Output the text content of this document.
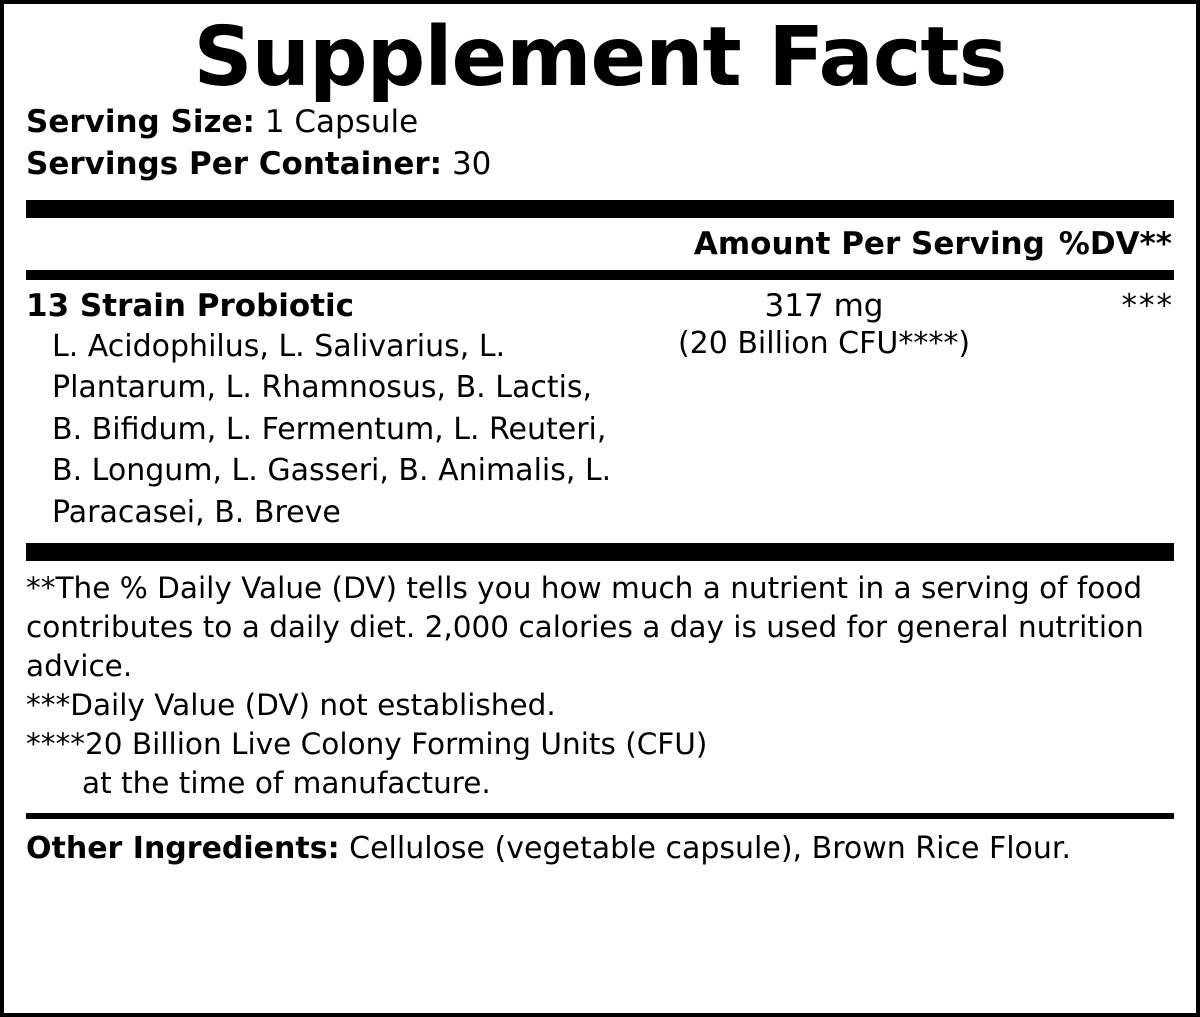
Supplement Facts
Serving Size: 1 Capsule
Servings Per Container: 30
Amount Per Serving %DV**
13 Strain Probiotic	317 mg	***
L. Acidophilus, L. Salivarius, L. Plantarum, L. Rhamnosus, B. Lactis, B. Bifidum, L. Fermentum, L. Reuteri, B. Longum, L. Gasseri, B. Animalis, L. Paracasei, B. Breve
(20 Billion CFU****)

**The % Daily Value (DV) tells you how much a nutrient in a serving of food contributes to a daily diet. 2,000 calories a day is used for general nutrition advice.

***Daily Value (DV) not established.

****20 Billion Live Colony Forming Units (CFU)

at the time of manufacture.

Other Ingredients: Cellulose (vegetable capsule), Brown Rice Flour.
